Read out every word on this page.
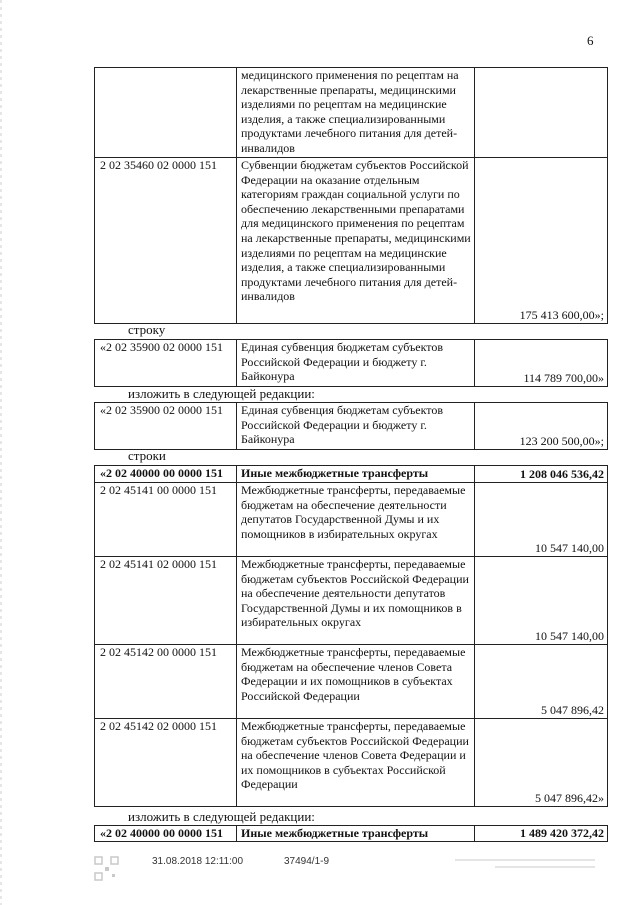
6
	медицинского применения по рецептам на лекарственные препараты, медицинскими изделиями по рецептам на медицинские изделия, а также специализированными продуктами лечебного питания для детей-инвалидов	
2 02 35460 02 0000 151	Субвенции бюджетам субъектов Российской Федерации на оказание отдельным категориям граждан социальной услуги по обеспечению лекарственными препаратами для медицинского применения по рецептам на лекарственные препараты, медицинскими изделиями по рецептам на медицинские изделия, а также специализированными продуктами лечебного питания для детей-инвалидов	175 413 600,00»;
строку
«2 02 35900 02 0000 151	Единая субвенция бюджетам субъектов Российской Федерации и бюджету г. Байконура	114 789 700,00»
изложить в следующей редакции:
«2 02 35900 02 0000 151	Единая субвенция бюджетам субъектов Российской Федерации и бюджету г. Байконура	123 200 500,00»;
строки
«2 02 40000 00 0000 151	Иные межбюджетные трансферты	1 208 046 536,42
2 02 45141 00 0000 151	Межбюджетные трансферты, передаваемые бюджетам на обеспечение деятельности депутатов Государственной Думы и их помощников в избирательных округах	10 547 140,00
2 02 45141 02 0000 151	Межбюджетные трансферты, передаваемые бюджетам субъектов Российской Федерации на обеспечение деятельности депутатов Государственной Думы и их помощников в избирательных округах	10 547 140,00
2 02 45142 00 0000 151	Межбюджетные трансферты, передаваемые бюджетам на обеспечение членов Совета Федерации и их помощников в субъектах Российской Федерации	5 047 896,42
2 02 45142 02 0000 151	Межбюджетные трансферты, передаваемые бюджетам субъектов Российской Федерации на обеспечение членов Совета Федерации и их помощников в субъектах Российской Федерации	5 047 896,42»
изложить в следующей редакции:
«2 02 40000 00 0000 151	Иные межбюджетные трансферты	1 489 420 372,42
31.08.2018 12:11:00	37494/1-9
